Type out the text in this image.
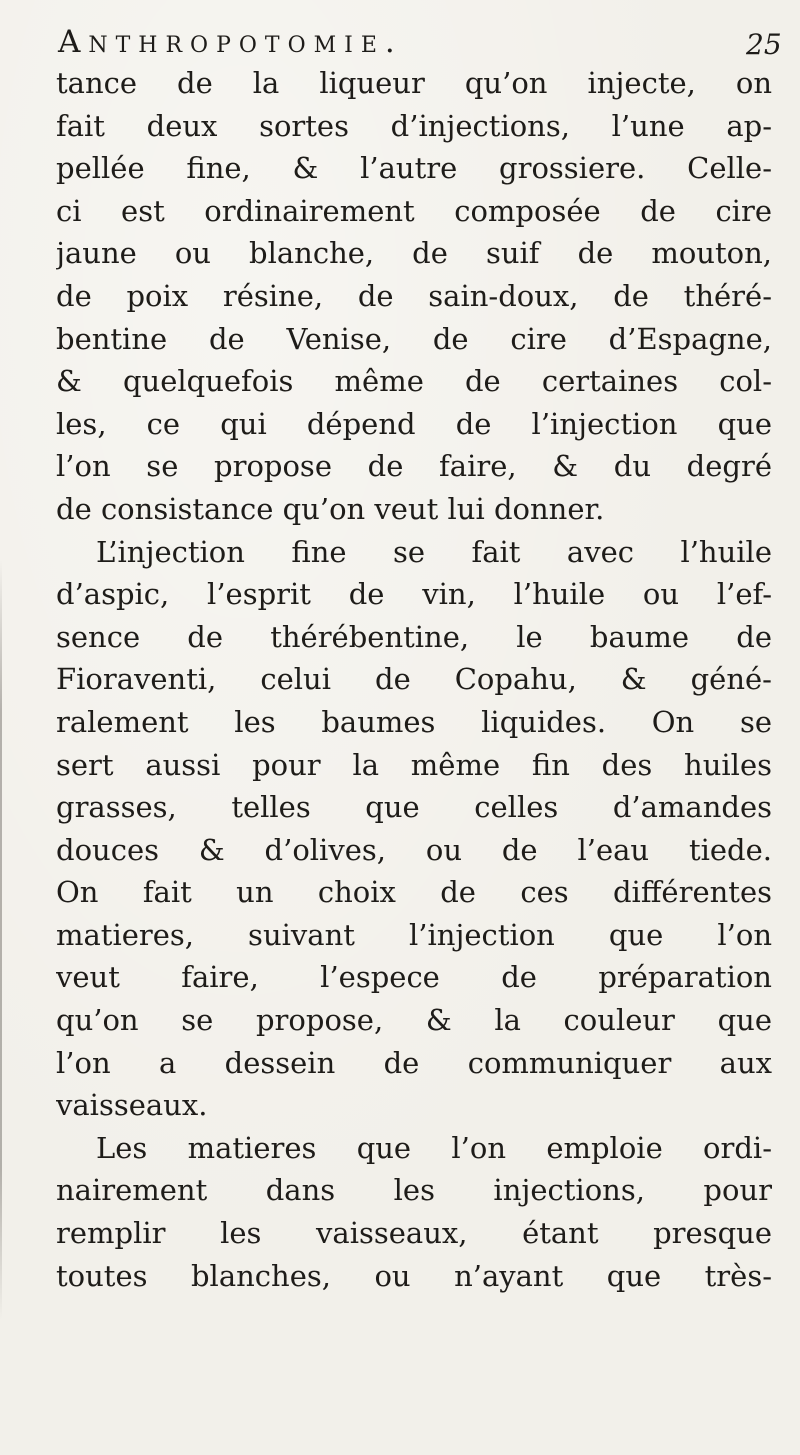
Anthropotomie.	25
tance de la liqueur qu’on injecte, on
fait deux sortes d’injections, l’une ap-
pellée fine, & l’autre grossiere. Celle-
ci est ordinairement composée de cire
jaune ou blanche, de suif de mouton,
de poix résine, de sain-doux, de théré-
bentine de Venise, de cire d’Espagne,
& quelquefois même de certaines col-
les, ce qui dépend de l’injection que
l’on se propose de faire, & du degré
de consistance qu’on veut lui donner.
L’injection fine se fait avec l’huile
d’aspic, l’esprit de vin, l’huile ou l’ef-
sence de thérébentine, le baume de
Fioraventi, celui de Copahu, & géné-
ralement les baumes liquides. On se
sert aussi pour la même fin des huiles
grasses, telles que celles d’amandes
douces & d’olives, ou de l’eau tiede.
On fait un choix de ces différentes
matieres, suivant l’injection que l’on
veut faire, l’espece de préparation
qu’on se propose, & la couleur que
l’on a dessein de communiquer aux
vaisseaux.
Les matieres que l’on emploie ordi-
nairement dans les injections, pour
remplir les vaisseaux, étant presque
toutes blanches, ou n’ayant que très-
